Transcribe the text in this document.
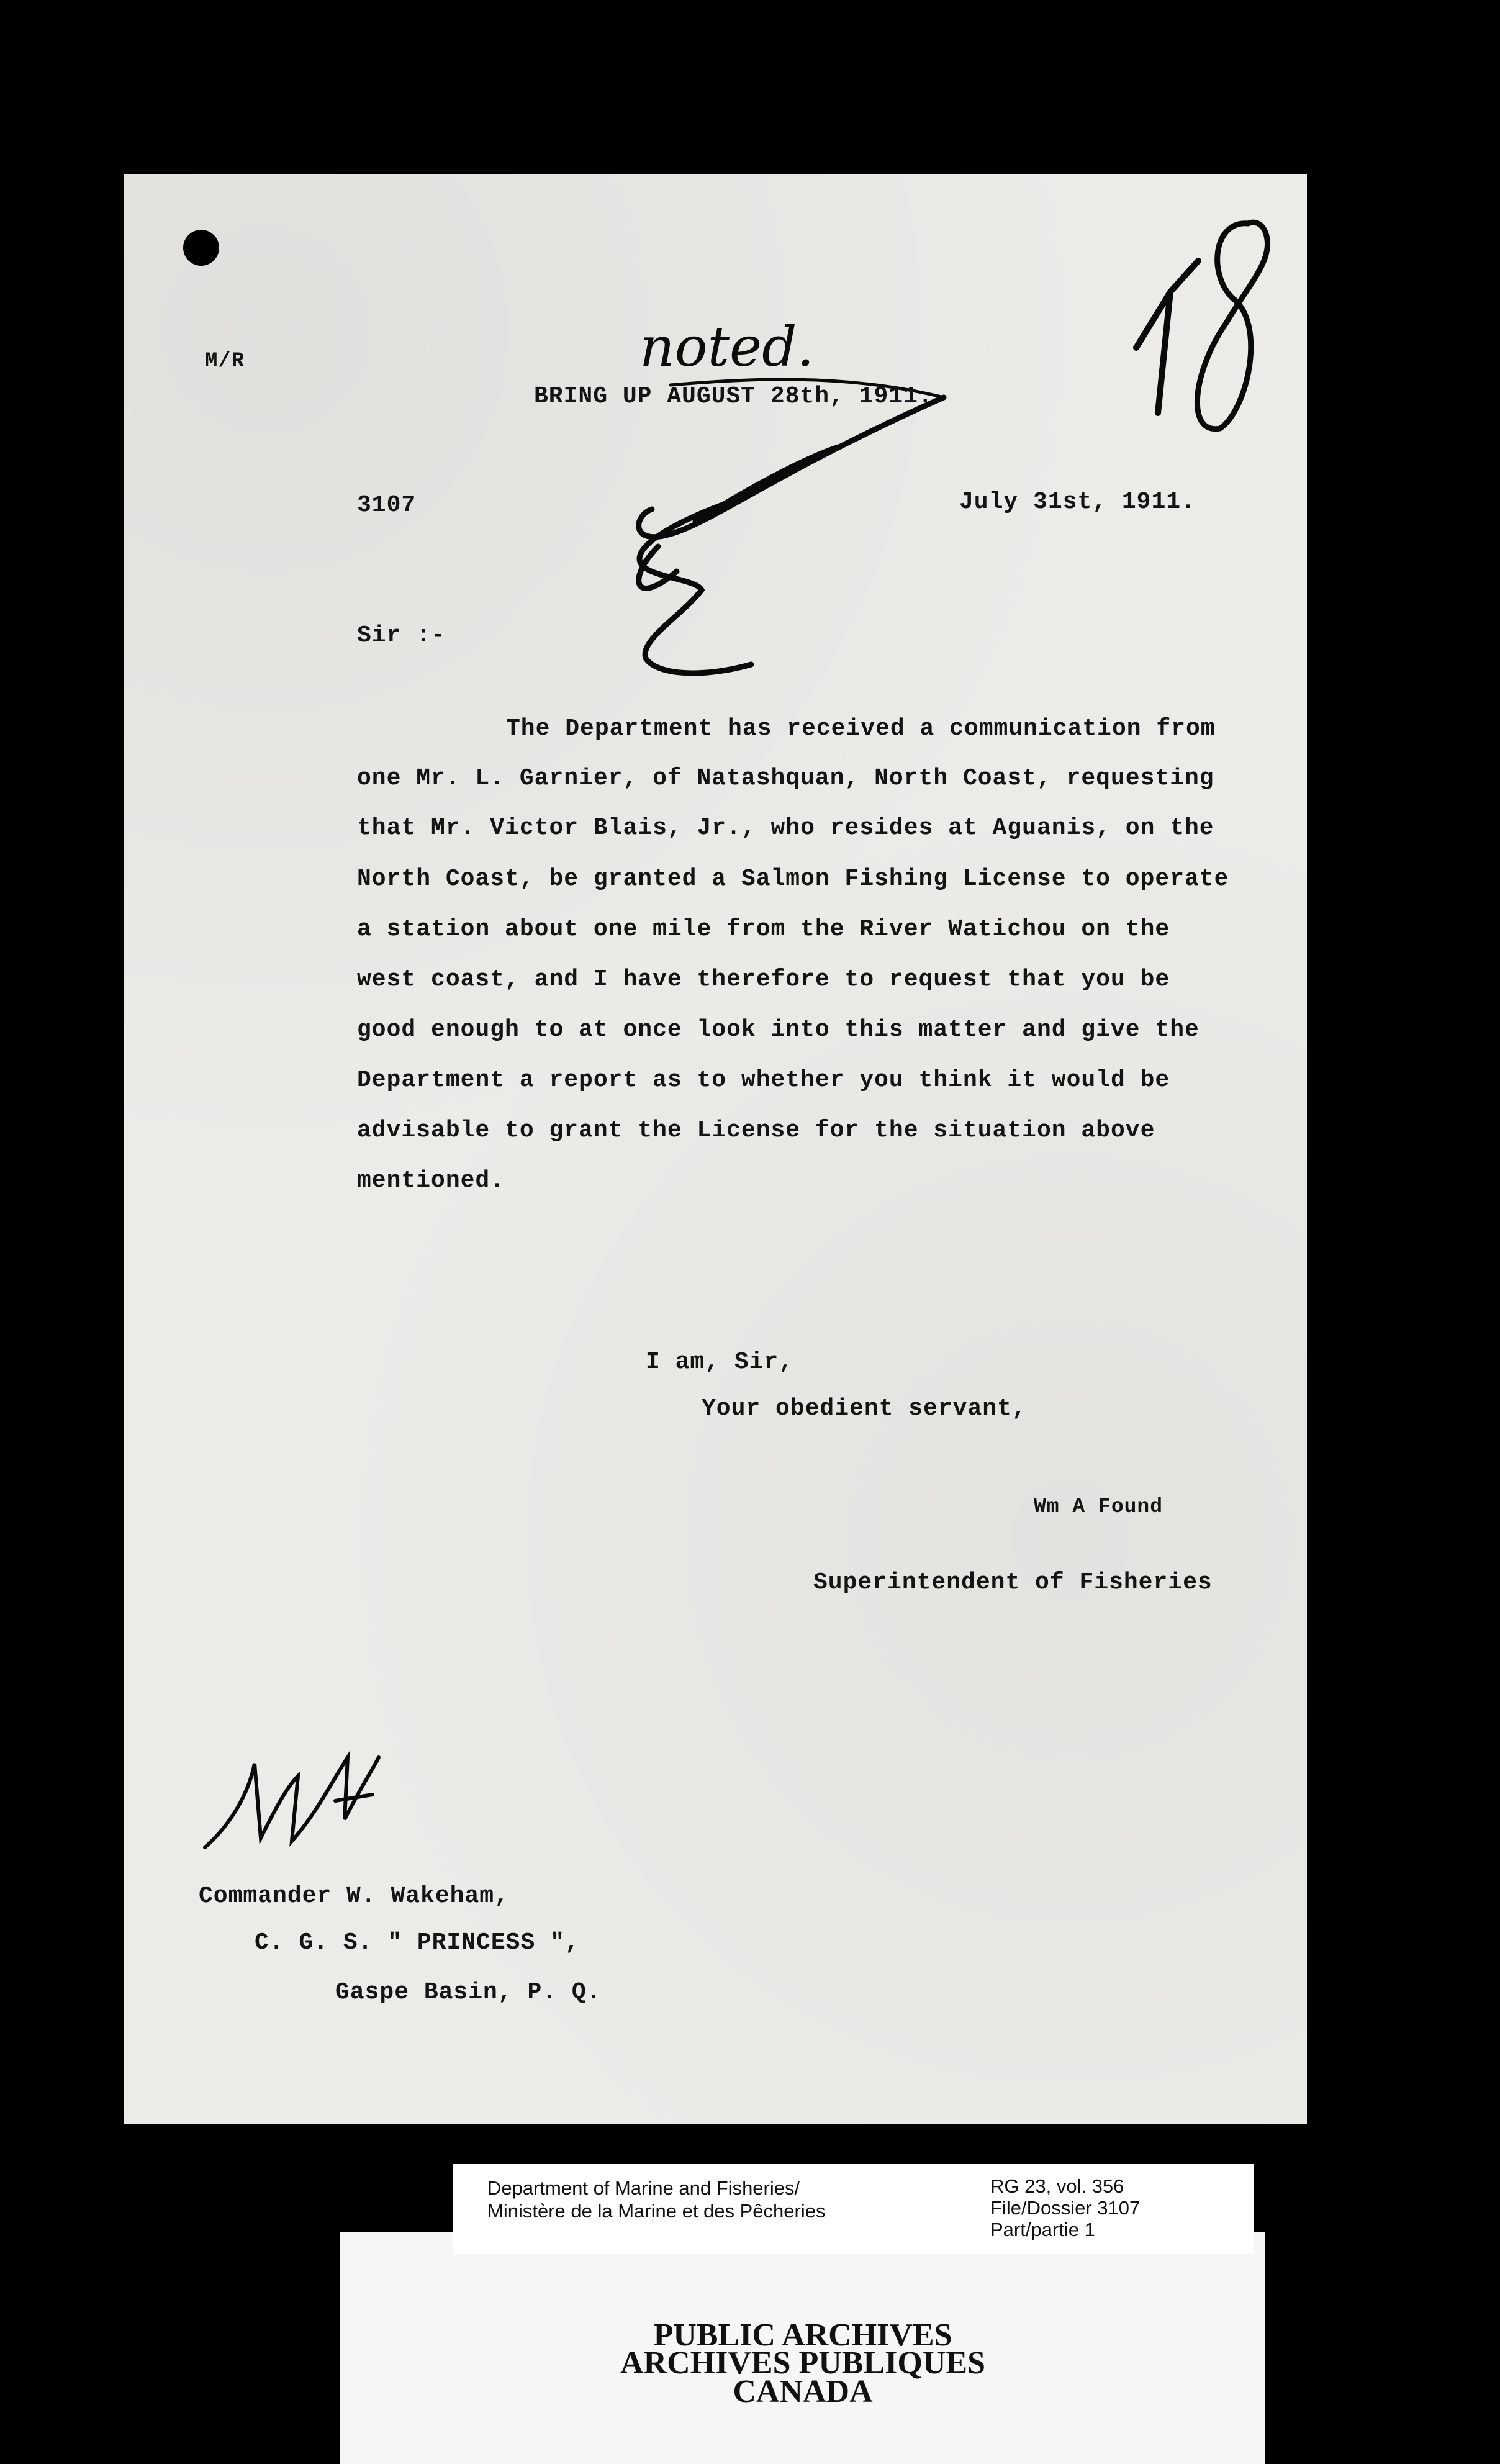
M/R	noted.
BRING UP AUGUST 28th, 1911.
3107	July 31st, 1911.
Sir :-
The Department has received a communication from
one Mr. L. Garnier, of Natashquan, North Coast, requesting
that Mr. Victor Blais, Jr., who resides at Aguanis, on the
North Coast, be granted a Salmon Fishing License to operate
a station about one mile from the River Watichou on the
west coast, and I have therefore to request that you be
good enough to at once look into this matter and give the
Department a report as to whether you think it would be
advisable to grant the License for the situation above
mentioned.
I am, Sir,
Your obedient servant,
Wm A Found
Superintendent of Fisheries
Commander W. Wakeham,
C. G. S. " PRINCESS ",
Gaspe Basin, P. Q.
Department of Marine and Fisheries/
Ministère de la Marine et des Pêcheries
RG 23, vol. 356
File/Dossier 3107
Part/partie 1
PUBLIC ARCHIVES
ARCHIVES PUBLIQUES
CANADA
